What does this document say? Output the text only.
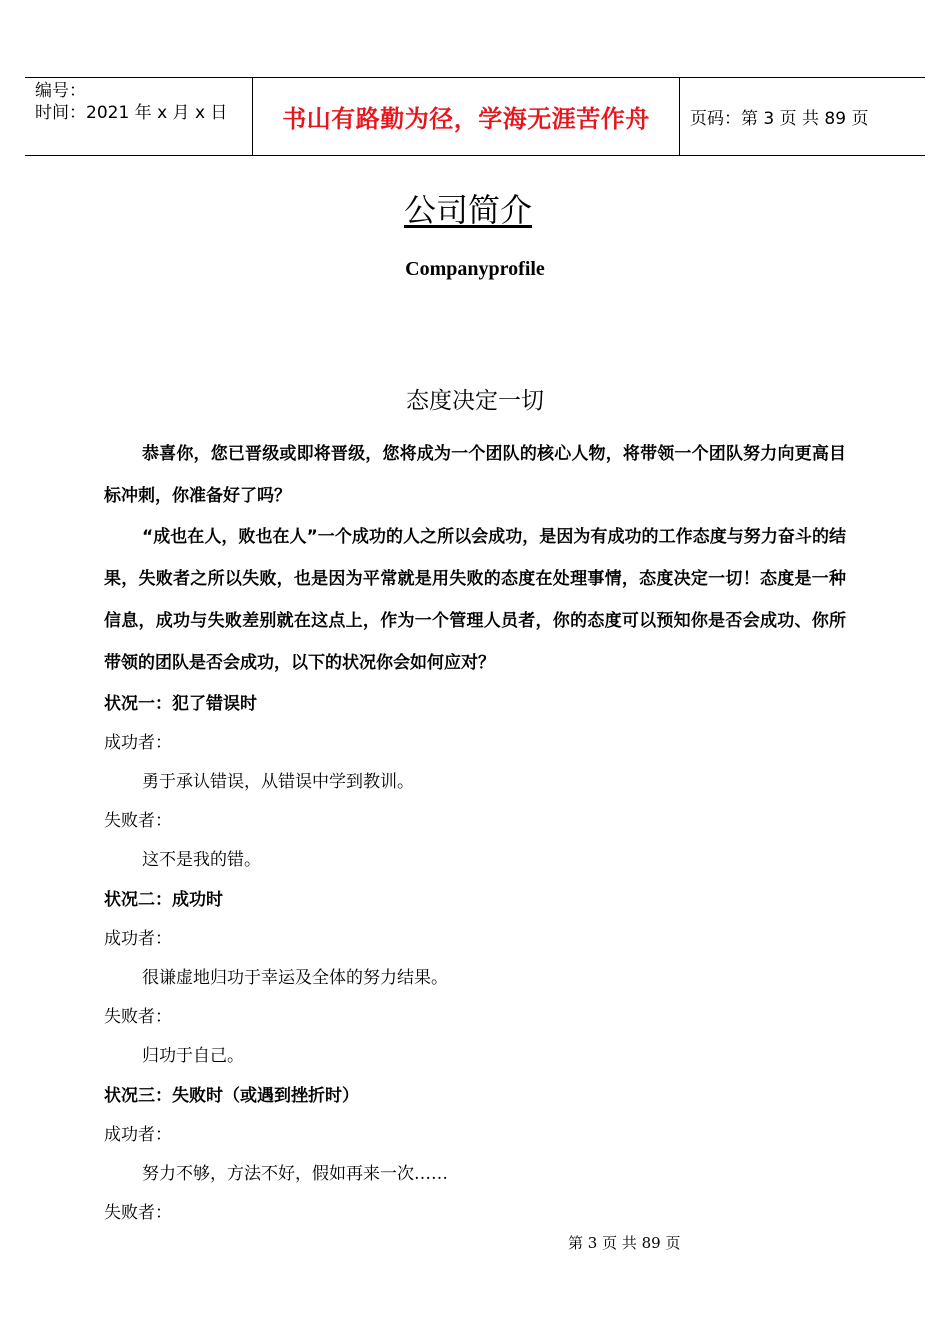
编号：
时间：2021 年 x 月 x 日	书山有路勤为径，学海无涯苦作舟	页码：第 3 页 共 89 页
公司简介
Companyprofile
态度决定一切
恭喜你，您已晋级或即将晋级，您将成为一个团队的核心人物，将带领一个团队努力向更高目标冲刺，你准备好了吗？
“成也在人，败也在人”一个成功的人之所以会成功，是因为有成功的工作态度与努力奋斗的结果，失败者之所以失败，也是因为平常就是用失败的态度在处理事情，态度决定一切！态度是一种信息，成功与失败差别就在这点上，作为一个管理人员者，你的态度可以预知你是否会成功、你所带领的团队是否会成功，以下的状况你会如何应对？
状况一：犯了错误时
成功者：
勇于承认错误，从错误中学到教训。
失败者：
这不是我的错。
状况二：成功时
成功者：
很谦虚地归功于幸运及全体的努力结果。
失败者：
归功于自己。
状况三：失败时（或遇到挫折时）
成功者：
努力不够，方法不好，假如再来一次……
失败者：
第 3 页 共 89 页
